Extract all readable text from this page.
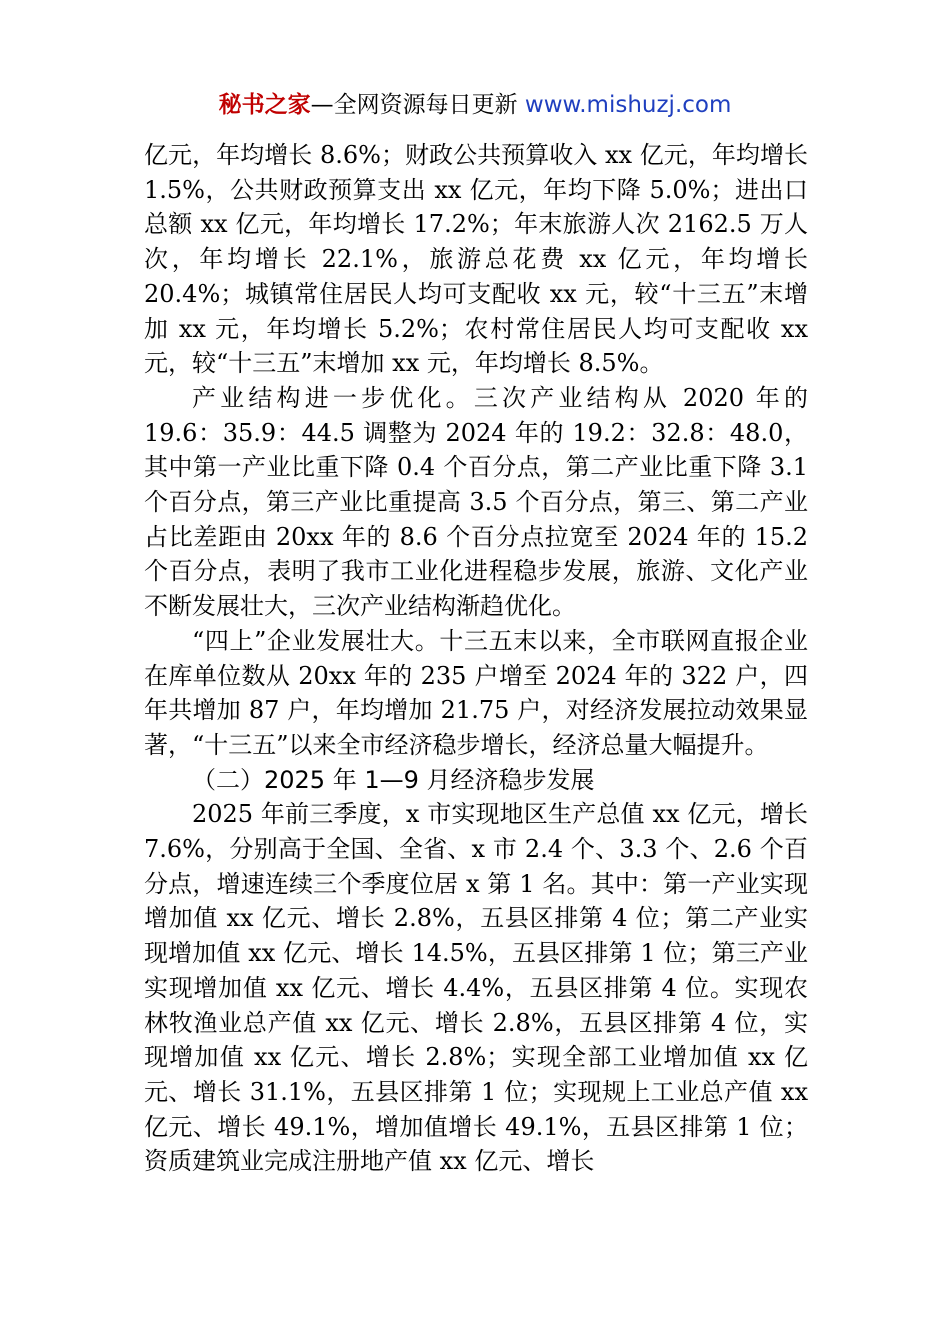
秘书之家—全网资源每日更新 www.mishuzj.com

亿元，年均增长 8.6%；财政公共预算收入 xx 亿元，年均增长 1.5%，公共财政预算支出 xx 亿元，年均下降 5.0%；进出口总额 xx 亿元，年均增长 17.2%；年末旅游人次 2162.5 万人次，年均增长 22.1%，旅游总花费 xx 亿元，年均增长 20.4%；城镇常住居民人均可支配收 xx 元，较“十三五”末增加 xx 元，年均增长 5.2%；农村常住居民人均可支配收 xx 元，较“十三五”末增加 xx 元，年均增长 8.5%。

产业结构进一步优化。三次产业结构从 2020 年的 19.6：35.9：44.5 调整为 2024 年的 19.2：32.8：48.0，其中第一产业比重下降 0.4 个百分点，第二产业比重下降 3.1 个百分点，第三产业比重提高 3.5 个百分点，第三、第二产业占比差距由 20xx 年的 8.6 个百分点拉宽至 2024 年的 15.2 个百分点，表明了我市工业化进程稳步发展，旅游、文化产业不断发展壮大，三次产业结构渐趋优化。

“四上”企业发展壮大。十三五末以来，全市联网直报企业在库单位数从 20xx 年的 235 户增至 2024 年的 322 户，四年共增加 87 户，年均增加 21.75 户，对经济发展拉动效果显著，“十三五”以来全市经济稳步增长，经济总量大幅提升。

（二）2025 年 1—9 月经济稳步发展

2025 年前三季度，x 市实现地区生产总值 xx 亿元，增长 7.6%，分别高于全国、全省、x 市 2.4 个、3.3 个、2.6 个百分点，增速连续三个季度位居 x 第 1 名。其中：第一产业实现增加值 xx 亿元、增长 2.8%，五县区排第 4 位；第二产业实现增加值 xx 亿元、增长 14.5%，五县区排第 1 位；第三产业实现增加值 xx 亿元、增长 4.4%，五县区排第 4 位。实现农林牧渔业总产值 xx 亿元、增长 2.8%，五县区排第 4 位，实现增加值 xx 亿元、增长 2.8%；实现全部工业增加值 xx 亿元、增长 31.1%，五县区排第 1 位；实现规上工业总产值 xx 亿元、增长 49.1%，增加值增长 49.1%，五县区排第 1 位；资质建筑业完成注册地产值 xx 亿元、增长
